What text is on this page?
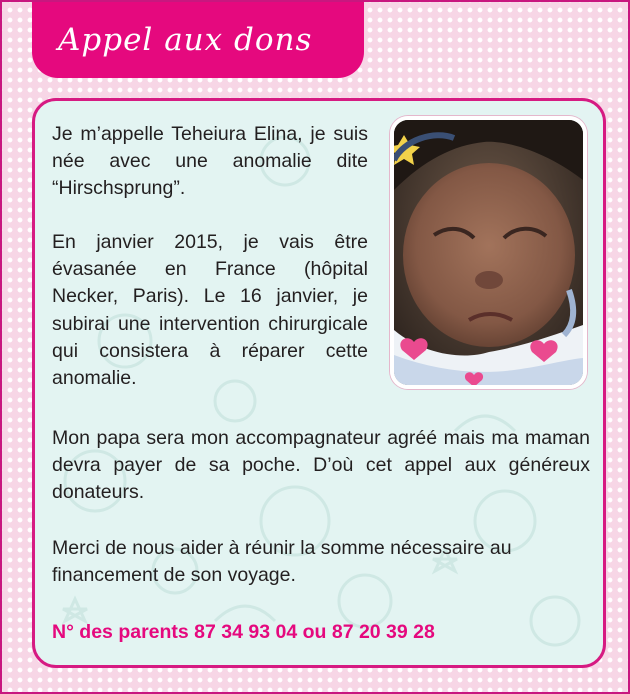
Appel aux dons
Je m’appelle Teheiura Elina, je suis née avec une anomalie dite “Hirschsprung”.
En janvier 2015, je vais être évasanée en France (hôpital Necker, Paris). Le 16 janvier, je subirai une intervention chirurgicale qui consistera à réparer cette anomalie.
Mon papa sera mon accompagnateur agréé mais ma maman devra payer de sa poche. D’où cet appel aux généreux donateurs.
Merci de nous aider à réunir la somme nécessaire au financement de son voyage.
N° des parents 87 34 93 04 ou 87 20 39 28
